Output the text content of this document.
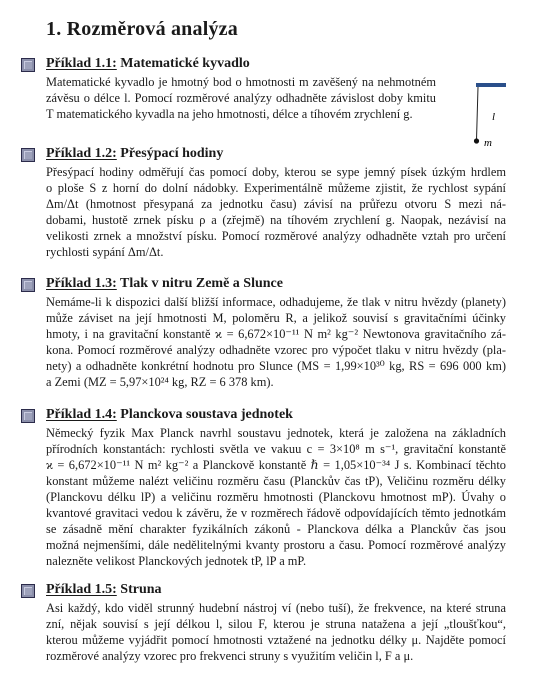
1. Rozměrová analýza
Příklad 1.1: Matematické kyvadlo
Matematické kyvadlo je hmotný bod o hmotnosti m zavěšený na nehmotném
závěsu o délce l. Pomocí rozměrové analýzy odhadněte závislost doby kmitu
T matematického kyvadla na jeho hmotnosti, délce a tíhovém zrychlení g.	l
m
Příklad 1.2: Přesýpací hodiny
Přesýpací hodiny odměřují čas pomocí doby, kterou se sype jemný písek úzkým hrdlem
o ploše S z horní do dolní nádobky. Experimentálně můžeme zjistit, že rychlost sypání
Δm/Δt (hmotnost přesypaná za jednotku času) závisí na průřezu otvoru S mezi ná-
dobami, hustotě zrnek písku ρ a (zřejmě) na tíhovém zrychlení g. Naopak, nezávisí na
velikosti zrnek a množství písku. Pomocí rozměrové analýzy odhadněte vztah pro určení
rychlosti sypání Δm/Δt.
Příklad 1.3: Tlak v nitru Země a Slunce
Nemáme-li k dispozici další bližší informace, odhadujeme, že tlak v nitru hvězdy (planety)
může záviset na její hmotnosti M, poloměru R, a jelikož souvisí s gravitačními účinky
hmoty, i na gravitační konstantě ϰ = 6,672×10⁻¹¹ N m² kg⁻² Newtonova gravitačního zá-
kona. Pomocí rozměrové analýzy odhadněte vzorec pro výpočet tlaku v nitru hvězdy (pla-
nety) a odhadněte konkrétní hodnotu pro Slunce (MS = 1,99×10³⁰ kg, RS = 696 000 km)
a Zemi (MZ = 5,97×10²⁴ kg, RZ = 6 378 km).
Příklad 1.4: Planckova soustava jednotek
Německý fyzik Max Planck navrhl soustavu jednotek, která je založena na základních
přírodních konstantách: rychlosti světla ve vakuu c = 3×10⁸ m s⁻¹, gravitační konstantě
ϰ = 6,672×10⁻¹¹ N m² kg⁻² a Planckově konstantě ℏ = 1,05×10⁻³⁴ J s. Kombinací těchto
konstant můžeme nalézt veličinu rozměru času (Planckův čas tP), Veličinu rozměru délky
(Planckovu délku lP) a veličinu rozměru hmotnosti (Planckovu hmotnost mP). Úvahy o
kvantové gravitaci vedou k závěru, že v rozměrech řádově odpovídajících těmto jednotkám
se zásadně mění charakter fyzikálních zákonů - Planckova délka a Planckův čas jsou
možná nejmenšími, dále nedělitelnými kvanty prostoru a času. Pomocí rozměrové analýzy
nalezněte velikost Planckových jednotek tP, lP a mP.
Příklad 1.5: Struna
Asi každý, kdo viděl strunný hudební nástroj ví (nebo tuší), že frekvence, na které struna
zní, nějak souvisí s její délkou l, silou F, kterou je struna natažena a její „tloušťkou“,
kterou můžeme vyjádřit pomocí hmotnosti vztažené na jednotku délky μ. Najděte pomocí
rozměrové analýzy vzorec pro frekvenci struny s využitím veličin l, F a μ.
